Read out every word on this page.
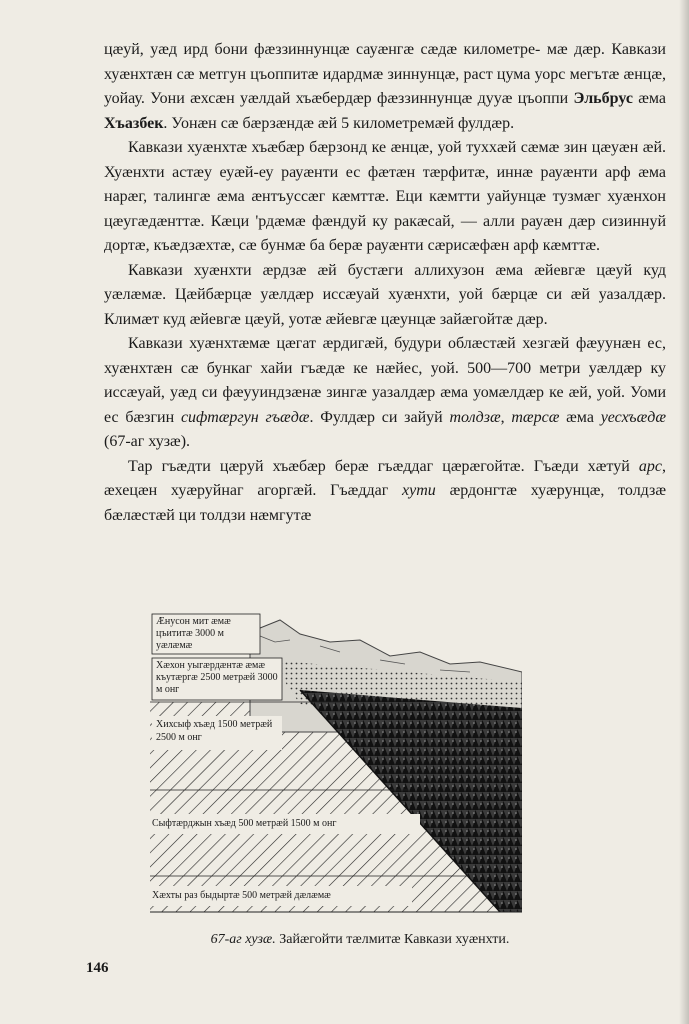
цæуй, уæд ирд бони фæззиннунцæ сауæнгæ сæдæ километре- мæ дæр. Кавкази хуæнхтæн сæ метгун цъоппитæ идардмæ зиннунцæ, раст цума уорс мегътæ æнцæ, уойау. Уони æхсæн уæлдай хъæбердæр фæззиннунцæ дууæ цъоппи Эльбрус æма Хъазбек. Уонæн сæ бæрзæндæ æй 5 километремæй фулдæр.

Кавкази хуæнхтæ хъæбæр бæрзонд ке æнцæ, уой туххæй сæмæ зин цæуæн æй. Хуæнхти астæу еуæй-еу рауæнти ес фæтæн тæрфитæ, иннæ рауæнти арф æма нарæг, талингæ æма æнтъуссæг кæмттæ. Еци кæмтти уайунцæ тузмæг хуæнхон цæугæдæнттæ. Кæци 'рдæмæ фæндуй ку ракæсай, — алли рауæн дæр сизиннуй дортæ, къæдзæхтæ, сæ бунмæ ба берæ рауæнти сæрисæфæн арф кæмттæ.

Кавкази хуæнхти æрдзæ æй бустæги аллихузон æма æйевгæ цæуй куд уæлæмæ. Цæйбæрцæ уæлдæр иссæуай хуæнхти, уой бæрцæ си æй уазалдæр. Климæт куд æйевгæ цæуй, уотæ æйевгæ цæунцæ зайæгойтæ дæр.

Кавкази хуæнхтæмæ цæгат æрдигæй, будури облæстæй хезгæй фæуунæн ес, хуæнхтæн сæ бункаг хайи гъæдæ ке нæйес, уой. 500—700 метри уæлдæр ку иссæуай, уæд си фæууиндзæнæ зингæ уазалдæр æма уомæлдæр ке æй, уой. Уоми ес бæзгин сифтæргун гъæдæ. Фулдæр си зайуй толдзæ, тæрсæ æма уесхъæдæ (67-аг хузæ).

Тар гъæдти цæруй хъæбæр берæ гъæддаг цæрæгойтæ. Гъæди хæтуй арс, æхецæн хуæруйнаг агоргæй. Гъæддаг хути æрдонгтæ хуæрунцæ, толдзæ бæлæстæй ци толдзи нæмгутæ

Æнусон мит æмæ цъититæ 3000 м уæлæмæ
Хæхон уыгæрдæнтæ æмæ къутæргæ 2500 метрæй 3000 м онг
Хихсыф хъæд 1500 метрæй 2500 м онг
Сыфтæрджын хъæд 500 метрæй 1500 м онг
Хæхты раз быдыртæ 500 метрæй дæлæмæ
67-аг хузæ. Зайæгойти тæлмитæ Кавкази хуæнхти.
146
